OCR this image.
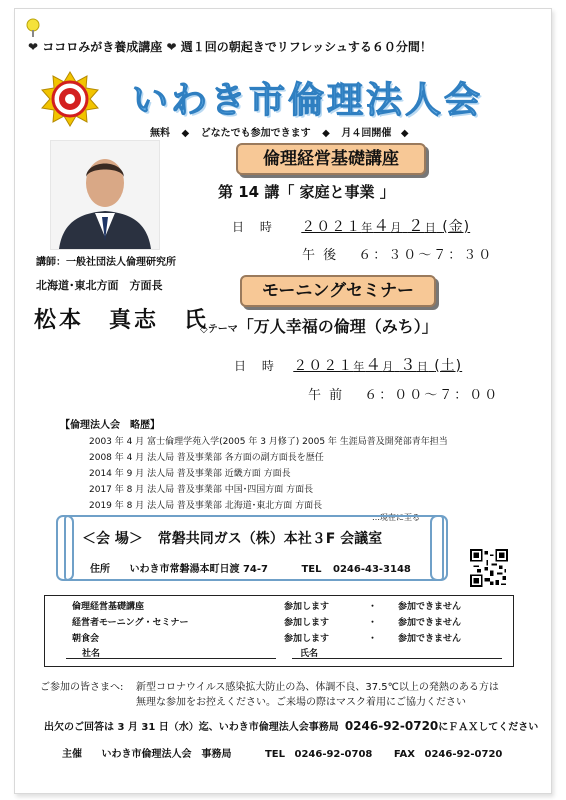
❤ ココロみがき養成講座 ❤ 週１回の朝起きでリフレッシュする６０分間！
いわき市倫理法人会
無料 ◆ どなたでも参加できます ◆ 月４回開催 ◆
倫理経営基礎講座
第 14 講「 家庭と事業 」
日 時 ２０２１年４月 ２日 (金)
午 後 ６：３０～７：３０
講師：一般社団法人倫理研究所
北海道･東北方面　方面長
松本　真志　氏
モーニングセミナー
◇テーマ「万人幸福の倫理（みち）」
日 時 ２０２１年４月 ３日 (土)
午 前 ６：００～７：００
【倫理法人会　略歴】
2003 年 4 月 富士倫理学苑入学(2005 年 3 月修了) 2005 年 生涯局普及開発部青年担当
2008 年 4 月 法人局 普及事業部 各方面の副方面長を歴任
2014 年 9 月 法人局 普及事業部 近畿方面 方面長
2017 年 8 月 法人局 普及事業部 中国･四国方面 方面長
2019 年 8 月 法人局 普及事業部 北海道･東北方面 方面長
…現在に至る
＜会 場＞ 常磐共同ガス（株）本社３F 会議室
住所 いわき市常磐湯本町日渡 74-7	TEL 0246-43-3148
倫理経営基礎講座	参加します	・ 参加できません
経営者モーニング・セミナー	参加します	・ 参加できません
朝食会	参加します	・ 参加できません
社名	氏名
ご参加の皆さまへ: 新型コロナウイルス感染拡大防止の為、体調不良、37.5℃以上の発熱のある方は
無理な参加をお控えください。ご来場の際はマスク着用にご協力ください
出欠のご回答は 3 月 31 日（水）迄、いわき市倫理法人会事務局 0246-92-0720にＦＡＸしてください
主催 いわき市倫理法人会　事務局	TEL 0246-92-0708 FAX 0246-92-0720
